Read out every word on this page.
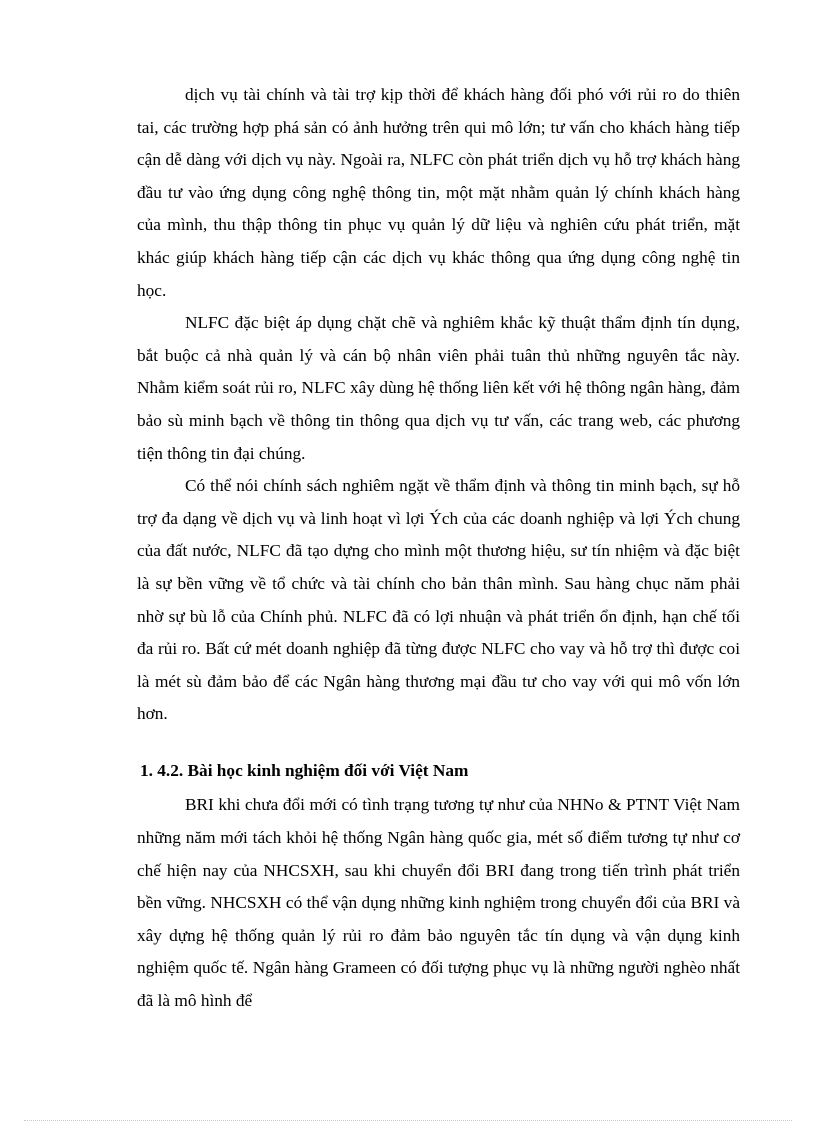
dịch vụ tài chính và tài trợ kịp thời để khách hàng đối phó với rủi ro do thiên tai, các trường hợp phá sản có ảnh hưởng trên qui mô lớn; tư vấn cho khách hàng tiếp cận dễ dàng với dịch vụ này. Ngoài ra, NLFC còn phát triển dịch vụ hỗ trợ khách hàng đầu tư vào ứng dụng công nghệ thông tin, một mặt nhằm quản lý chính khách hàng của mình, thu thập thông tin phục vụ quản lý dữ liệu và nghiên cứu phát triển, mặt khác giúp khách hàng tiếp cận các dịch vụ khác thông qua ứng dụng công nghệ tin học.

NLFC đặc biệt áp dụng chặt chẽ và nghiêm khắc kỹ thuật thẩm định tín dụng, bắt buộc cả nhà quản lý và cán bộ nhân viên phải tuân thủ những nguyên tắc này. Nhằm kiểm soát rủi ro, NLFC xây dùng hệ thống liên kết với hệ thông ngân hàng, đảm bảo sù minh bạch về thông tin thông qua dịch vụ tư vấn, các trang web, các phương tiện thông tin đại chúng.

Có thể nói chính sách nghiêm ngặt về thẩm định và thông tin minh bạch, sự hỗ trợ đa dạng về dịch vụ và linh hoạt vì lợi Ých của các doanh nghiệp và lợi Ých chung của đất nước, NLFC đã tạo dựng cho mình một thương hiệu, sư tín nhiệm và đặc biệt là sự bền vững về tổ chức và tài chính cho bản thân mình. Sau hàng chục năm phải nhờ sự bù lỗ của Chính phủ. NLFC đã có lợi nhuận và phát triển ổn định, hạn chế tối đa rủi ro. Bất cứ mét doanh nghiệp đã từng được NLFC cho vay và hỗ trợ thì được coi là mét sù đảm bảo để các Ngân hàng thương mại đầu tư cho vay với qui mô vốn lớn hơn.

1. 4.2. Bài học kinh nghiệm đối với Việt Nam

BRI khi chưa đổi mới có tình trạng tương tự như của NHNo & PTNT Việt Nam những năm mới tách khỏi hệ thống Ngân hàng quốc gia, mét số điểm tương tự như cơ chế hiện nay của NHCSXH, sau khi chuyển đổi BRI đang trong tiến trình phát triển bền vững. NHCSXH có thể vận dụng những kinh nghiệm trong chuyển đổi của BRI và xây dựng hệ thống quản lý rủi ro đảm bảo nguyên tắc tín dụng và vận dụng kinh nghiệm quốc tế. Ngân hàng Grameen có đối tượng phục vụ là những người nghèo nhất đã là mô hình để
